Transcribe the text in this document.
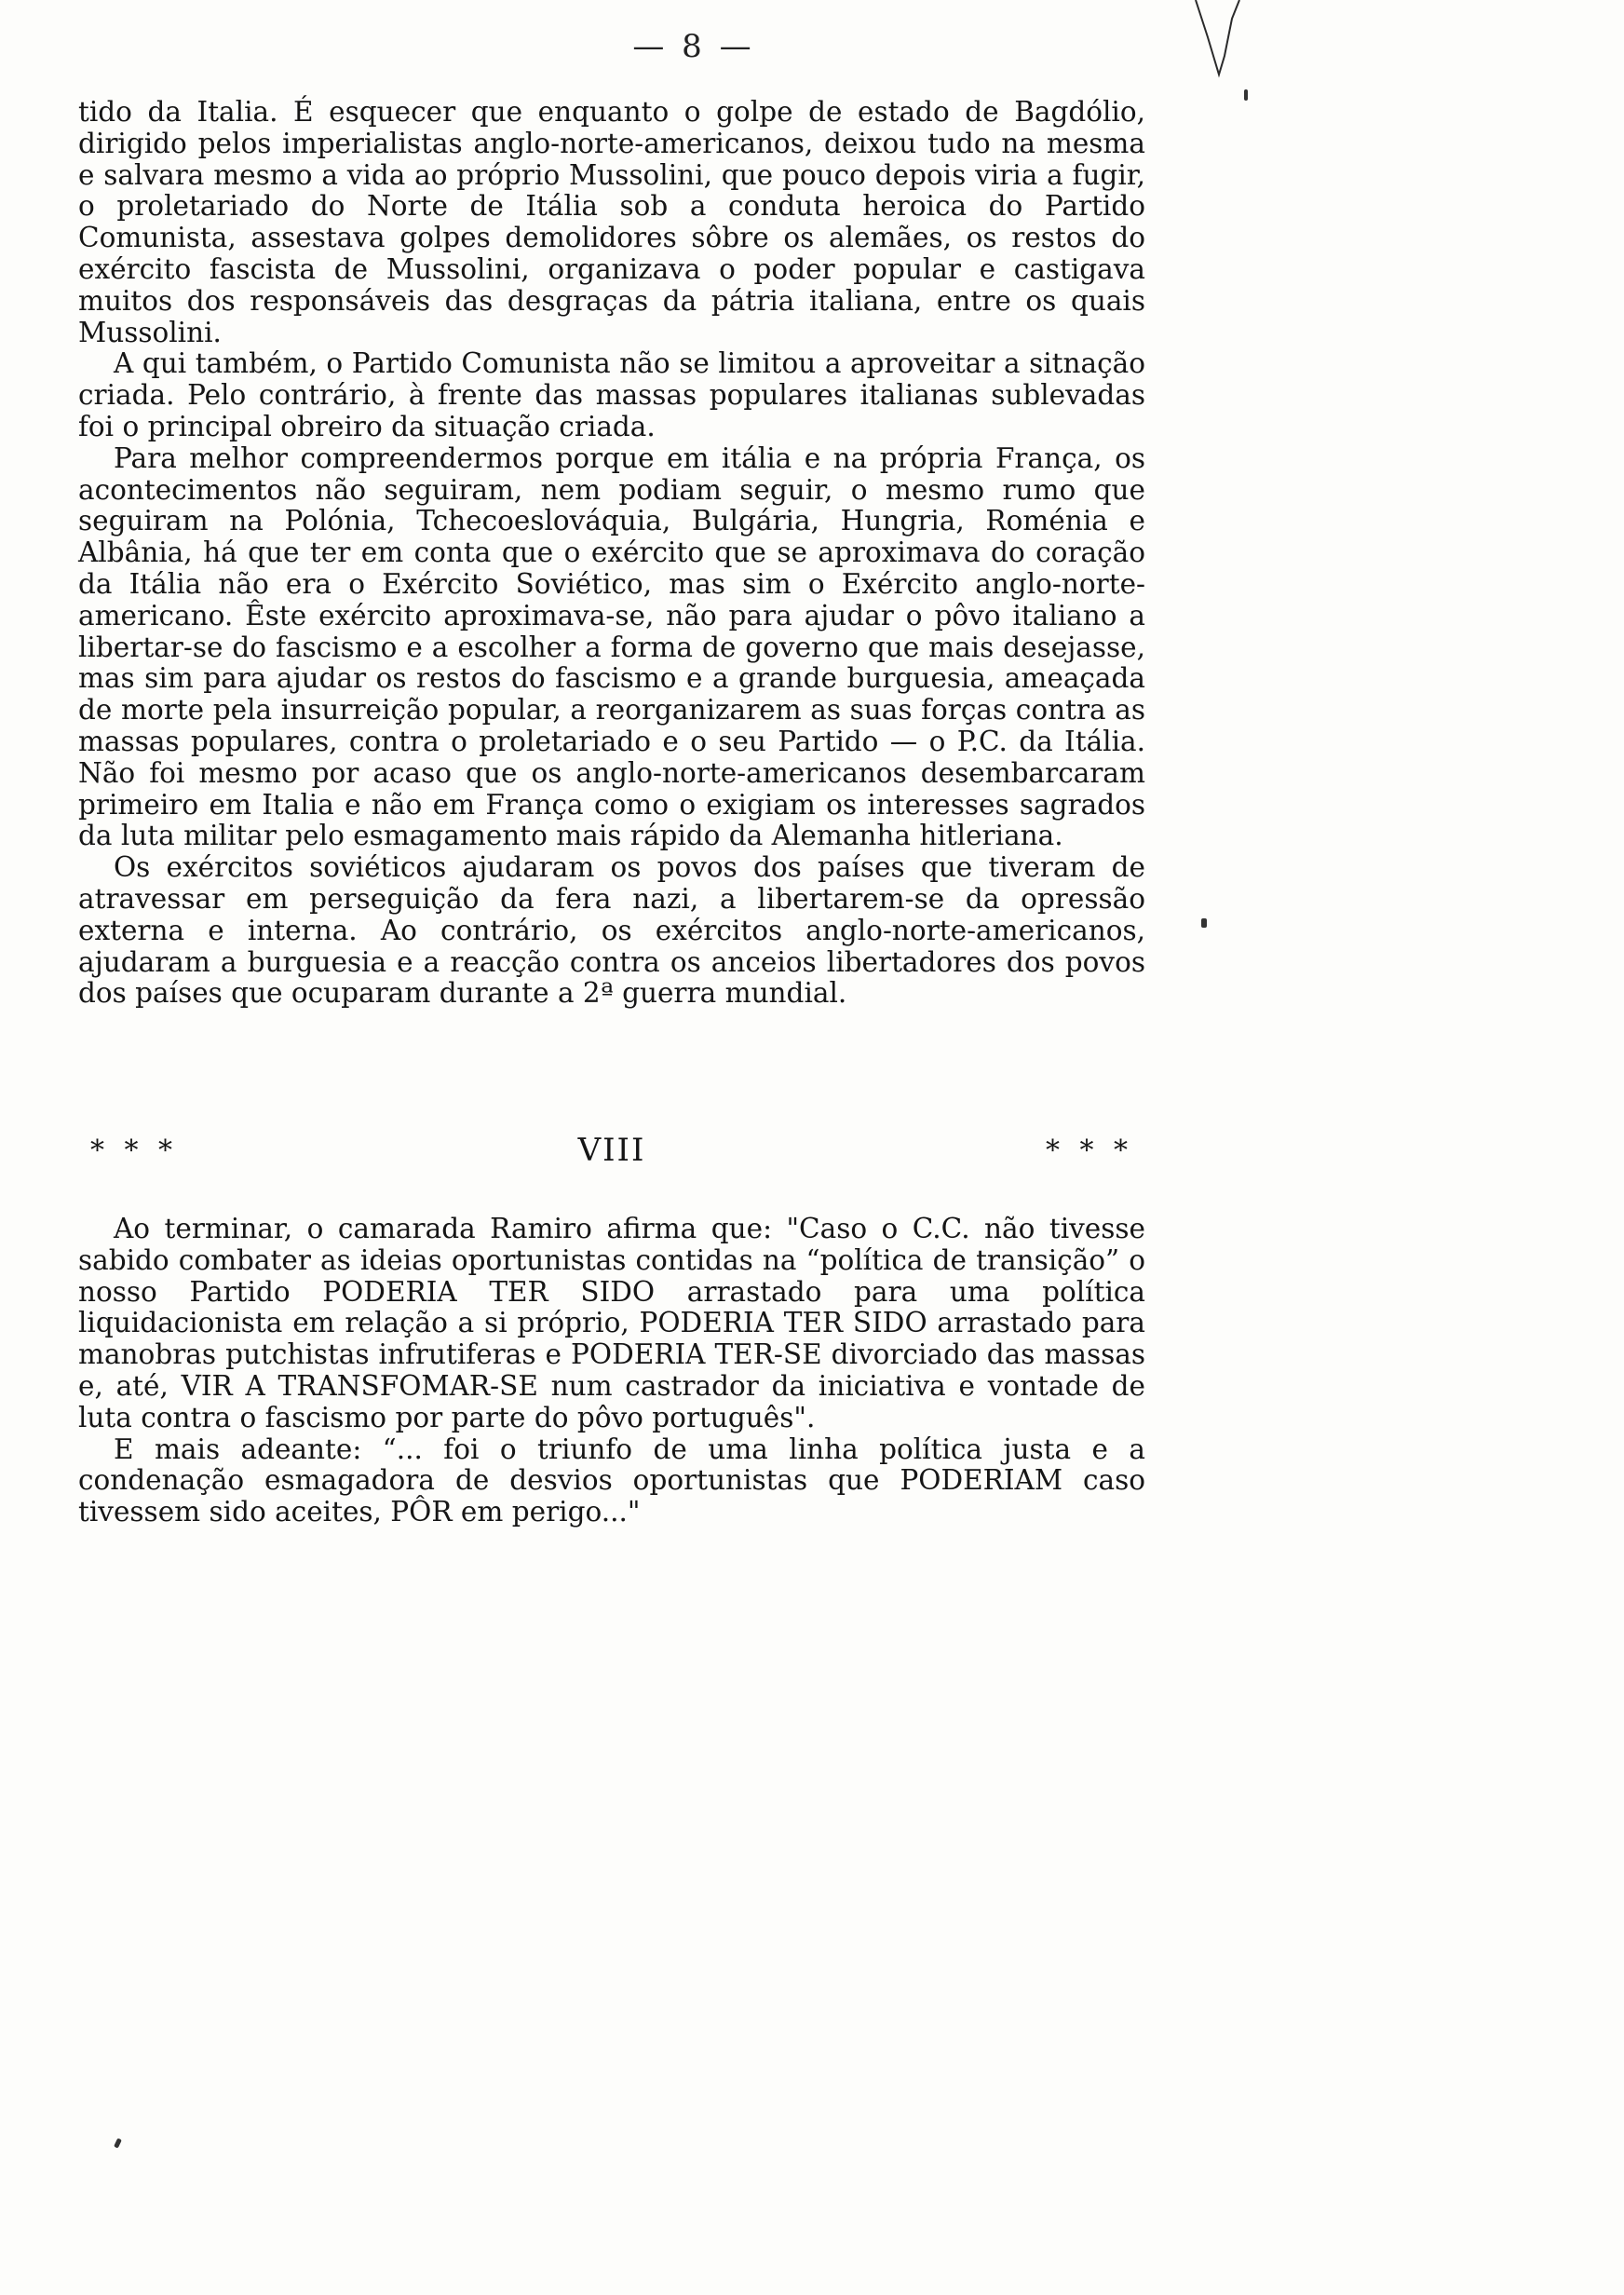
— 8 —

tido da Italia. É esquecer que enquanto o golpe de estado de Bagdólio, dirigido pelos imperialistas anglo-norte-americanos, deixou tudo na mesma e salvara mesmo a vida ao próprio Mussolini, que pouco depois viria a fugir, o proletariado do Norte de Itália sob a conduta heroica do Partido Comunista, assestava golpes demolidores sôbre os alemães, os restos do exército fascista de Mussolini, organizava o poder popular e castigava muitos dos responsáveis das desgraças da pátria italiana, entre os quais Mussolini.

A qui também, o Partido Comunista não se limitou a aproveitar a sitnação criada. Pelo contrário, à frente das massas populares italianas sublevadas foi o principal obreiro da situação criada.

Para melhor compreendermos porque em itália e na própria França, os acontecimentos não seguiram, nem podiam seguir, o mesmo rumo que seguiram na Polónia, Tchecoeslováquia, Bulgária, Hungria, Roménia e Albânia, há que ter em conta que o exército que se aproximava do coração da Itália não era o Exército Soviético, mas sim o Exército anglo-norte-americano. Êste exército aproximava-se, não para ajudar o pôvo italiano a libertar-se do fascismo e a escolher a forma de governo que mais desejasse, mas sim para ajudar os restos do fascismo e a grande burguesia, ameaçada de morte pela insurreição popular, a reorganizarem as suas forças contra as massas populares, contra o proletariado e o seu Partido — o P.C. da Itália. Não foi mesmo por acaso que os anglo-norte-americanos desembarcaram primeiro em Italia e não em França como o exigiam os interesses sagrados da luta militar pelo esmagamento mais rápido da Alemanha hitleriana.

Os exércitos soviéticos ajudaram os povos dos países que tiveram de atravessar em perseguição da fera nazi, a libertarem-se da opressão externa e interna. Ao contrário, os exércitos anglo-norte-americanos, ajudaram a burguesia e a reacção contra os anceios libertadores dos povos dos países que ocuparam durante a 2ª guerra mundial.

* * *	VIII	* * *

Ao terminar, o camarada Ramiro afirma que: "Caso o C.C. não tivesse sabido combater as ideias oportunistas contidas na “política de transição” o nosso Partido PODERIA TER SIDO arrastado para uma política liquidacionista em relação a si próprio, PODERIA TER SIDO arrastado para manobras putchistas infrutiferas e PODERIA TER-SE divorciado das massas e, até, VIR A TRANSFOMAR-SE num castrador da iniciativa e vontade de luta contra o fascismo por parte do pôvo português".

E mais adeante: “... foi o triunfo de uma linha política justa e a condenação esmagadora de desvios oportunistas que PODERIAM caso tivessem sido aceites, PÔR em perigo..."
